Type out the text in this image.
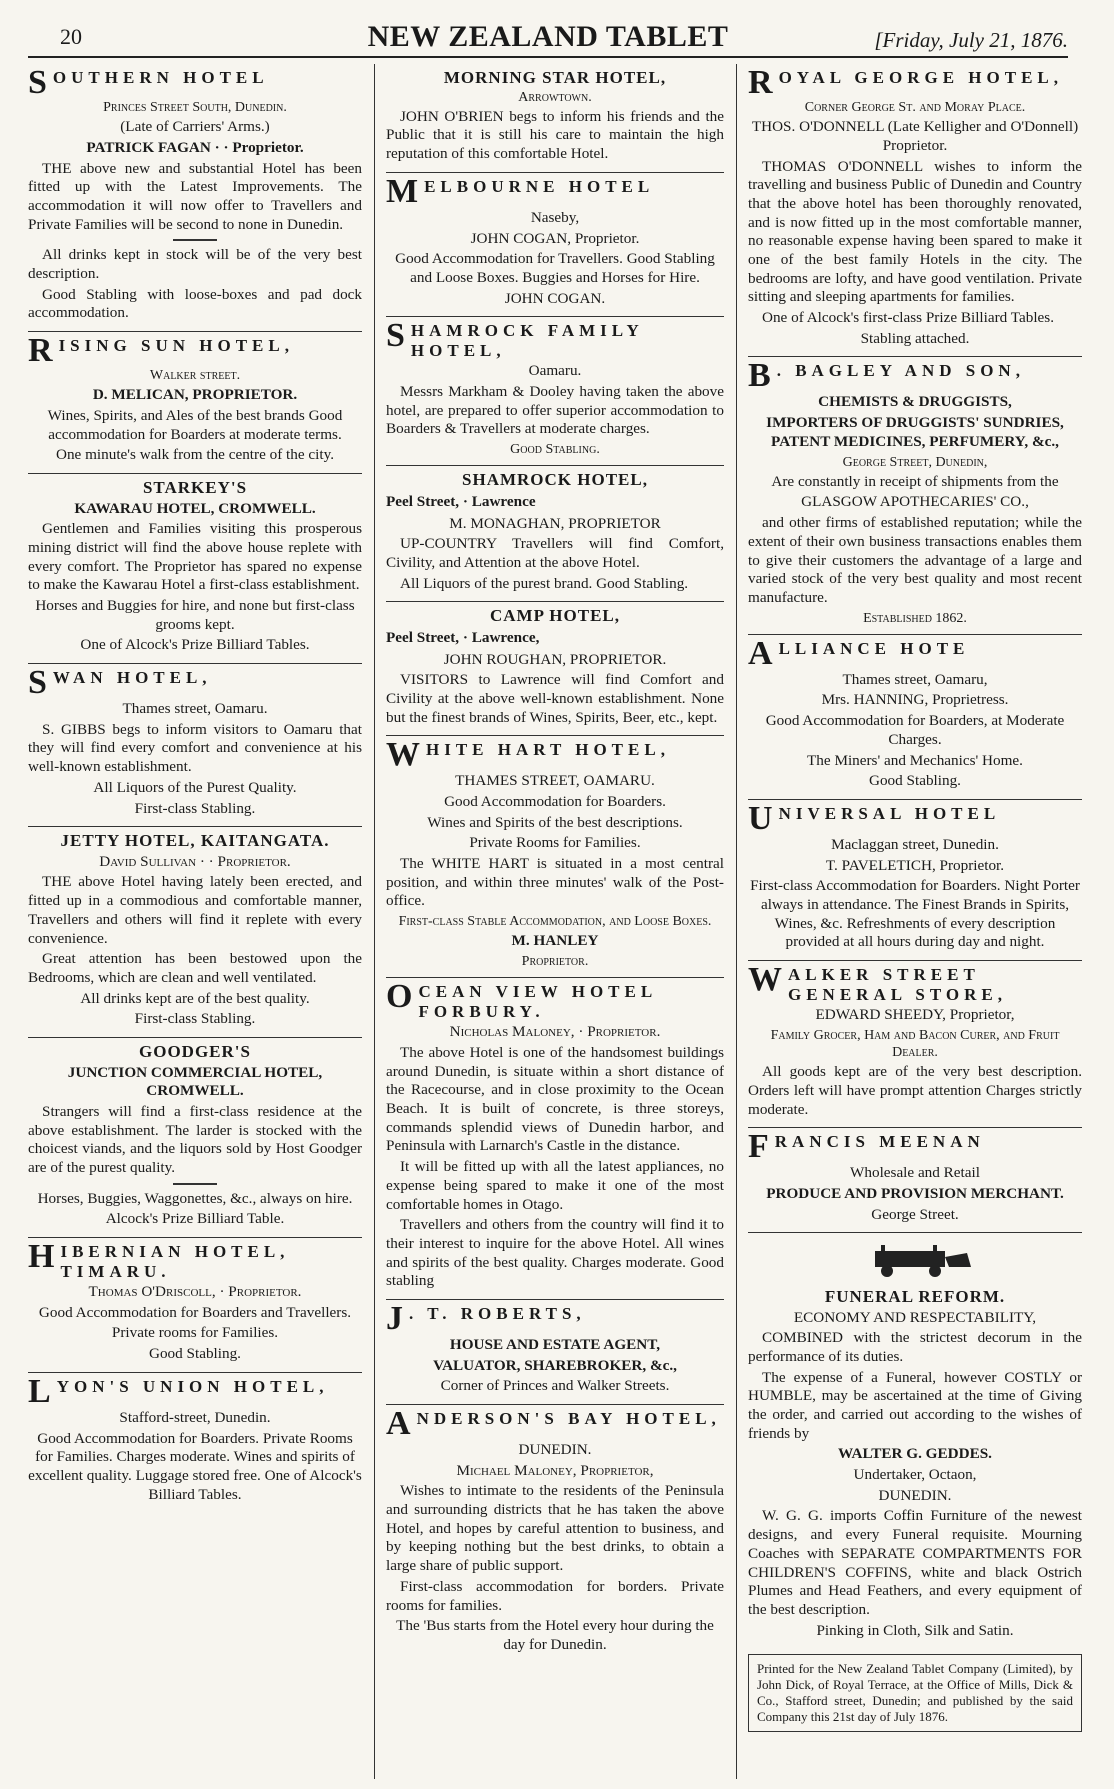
20	NEW ZEALAND TABLET	[Friday, July 21, 1876.
SOUTHERN HOTEL
Princes Street South, Dunedin.
(Late of Carriers' Arms.)
PATRICK FAGAN · · Proprietor.
THE above new and substantial Hotel has been fitted up with the Latest Improvements. The accommodation it will now offer to Travellers and Private Families will be second to none in Dunedin.
All drinks kept in stock will be of the very best description.
Good Stabling with loose-boxes and pad dock accommodation.
RISING SUN HOTEL,
Walker street.
D. MELICAN, PROPRIETOR.
Wines, Spirits, and Ales of the best brands Good accommodation for Boarders at moderate terms.
One minute's walk from the centre of the city.
STARKEY'S
KAWARAU HOTEL, CROMWELL.
Gentlemen and Families visiting this prosperous mining district will find the above house replete with every comfort. The Proprietor has spared no expense to make the Kawarau Hotel a first-class establishment.
Horses and Buggies for hire, and none but first-class grooms kept.
One of Alcock's Prize Billiard Tables.
SWAN HOTEL,
Thames street, Oamaru.
S. GIBBS begs to inform visitors to Oamaru that they will find every comfort and convenience at his well-known establishment.
All Liquors of the Purest Quality.
First-class Stabling.
JETTY HOTEL, KAITANGATA.
David Sullivan · · Proprietor.
THE above Hotel having lately been erected, and fitted up in a commodious and comfortable manner, Travellers and others will find it replete with every convenience.
Great attention has been bestowed upon the Bedrooms, which are clean and well ventilated.
All drinks kept are of the best quality.
First-class Stabling.
GOODGER'S
JUNCTION COMMERCIAL HOTEL, CROMWELL.
Strangers will find a first-class residence at the above establishment. The larder is stocked with the choicest viands, and the liquors sold by Host Goodger are of the purest quality.
Horses, Buggies, Waggonettes, &c., always on hire.
Alcock's Prize Billiard Table.
HIBERNIAN HOTEL, TIMARU.
Thomas O'Driscoll, · Proprietor.
Good Accommodation for Boarders and Travellers.
Private rooms for Families.
Good Stabling.
LYON'S UNION HOTEL,
Stafford-street, Dunedin.
Good Accommodation for Boarders. Private Rooms for Families. Charges moderate. Wines and spirits of excellent quality. Luggage stored free. One of Alcock's Billiard Tables.
MORNING STAR HOTEL,
Arrowtown.
JOHN O'BRIEN begs to inform his friends and the Public that it is still his care to maintain the high reputation of this comfortable Hotel.
MELBOURNE HOTEL
Naseby,
JOHN COGAN, Proprietor.
Good Accommodation for Travellers. Good Stabling and Loose Boxes. Buggies and Horses for Hire.
JOHN COGAN.
SHAMROCK FAMILY HOTEL,
Oamaru.
Messrs Markham & Dooley having taken the above hotel, are prepared to offer superior accommodation to Boarders & Travellers at moderate charges.
Good Stabling.
SHAMROCK HOTEL,
Peel Street, · Lawrence
M. MONAGHAN, PROPRIETOR
UP-COUNTRY Travellers will find Comfort, Civility, and Attention at the above Hotel.
All Liquors of the purest brand. Good Stabling.
CAMP HOTEL,
Peel Street, · Lawrence,
JOHN ROUGHAN, PROPRIETOR.
VISITORS to Lawrence will find Comfort and Civility at the above well-known establishment. None but the finest brands of Wines, Spirits, Beer, etc., kept.
WHITE HART HOTEL,
THAMES STREET, OAMARU.
Good Accommodation for Boarders.
Wines and Spirits of the best descriptions.
Private Rooms for Families.
The WHITE HART is situated in a most central position, and within three minutes' walk of the Post-office.
First-class Stable Accommodation, and Loose Boxes.
M. HANLEY
Proprietor.
OCEAN VIEW HOTEL FORBURY.
Nicholas Maloney, · Proprietor.
The above Hotel is one of the handsomest buildings around Dunedin, is situate within a short distance of the Racecourse, and in close proximity to the Ocean Beach. It is built of concrete, is three storeys, commands splendid views of Dunedin harbor, and Peninsula with Larnarch's Castle in the distance.
It will be fitted up with all the latest appliances, no expense being spared to make it one of the most comfortable homes in Otago.
Travellers and others from the country will find it to their interest to inquire for the above Hotel. All wines and spirits of the best quality. Charges moderate. Good stabling
J . T. ROBERTS,
HOUSE AND ESTATE AGENT,
VALUATOR, SHAREBROKER, &c.,
Corner of Princes and Walker Streets.
ANDERSON'S BAY HOTEL,
DUNEDIN.
Michael Maloney, Proprietor,
Wishes to intimate to the residents of the Peninsula and surrounding districts that he has taken the above Hotel, and hopes by careful attention to business, and by keeping nothing but the best drinks, to obtain a large share of public support.
First-class accommodation for borders. Private rooms for families.
The 'Bus starts from the Hotel every hour during the day for Dunedin.
ROYAL GEORGE HOTEL,
Corner George St. and Moray Place.
THOS. O'DONNELL (Late Kelligher and O'Donnell) Proprietor.
THOMAS O'DONNELL wishes to inform the travelling and business Public of Dunedin and Country that the above hotel has been thoroughly renovated, and is now fitted up in the most comfortable manner, no reasonable expense having been spared to make it one of the best family Hotels in the city. The bedrooms are lofty, and have good ventilation. Private sitting and sleeping apartments for families.
One of Alcock's first-class Prize Billiard Tables.
Stabling attached.
B . BAGLEY AND SON,
CHEMISTS & DRUGGISTS,
IMPORTERS OF DRUGGISTS' SUNDRIES, PATENT MEDICINES, PERFUMERY, &c.,
George Street, Dunedin,
Are constantly in receipt of shipments from the
GLASGOW APOTHECARIES' CO.,
and other firms of established reputation; while the extent of their own business transactions enables them to give their customers the advantage of a large and varied stock of the very best quality and most recent manufacture.
Established 1862.
ALLIANCE HOTE
Thames street, Oamaru,
Mrs. HANNING, Proprietress.
Good Accommodation for Boarders, at Moderate Charges.
The Miners' and Mechanics' Home.
Good Stabling.
UNIVERSAL HOTEL
Maclaggan street, Dunedin.
T. PAVELETICH, Proprietor.
First-class Accommodation for Boarders. Night Porter always in attendance. The Finest Brands in Spirits, Wines, &c. Refreshments of every description provided at all hours during day and night.
WALKER STREET GENERAL STORE,
EDWARD SHEEDY, Proprietor,
Family Grocer, Ham and Bacon Curer, and Fruit Dealer.
All goods kept are of the very best description. Orders left will have prompt attention Charges strictly moderate.
FRANCIS MEENAN
Wholesale and Retail
PRODUCE AND PROVISION MERCHANT.
George Street.
FUNERAL REFORM.
ECONOMY AND RESPECTABILITY,
COMBINED with the strictest decorum in the performance of its duties.
The expense of a Funeral, however COSTLY or HUMBLE, may be ascertained at the time of Giving the order, and carried out according to the wishes of friends by
WALTER G. GEDDES.
Undertaker, Octaon,
DUNEDIN.
W. G. G. imports Coffin Furniture of the newest designs, and every Funeral requisite. Mourning Coaches with SEPARATE COMPARTMENTS FOR CHILDREN'S COFFINS, white and black Ostrich Plumes and Head Feathers, and every equipment of the best description.
Pinking in Cloth, Silk and Satin.
Printed for the New Zealand Tablet Company (Limited), by John Dick, of Royal Terrace, at the Office of Mills, Dick & Co., Stafford street, Dunedin; and published by the said Company this 21st day of July 1876.
